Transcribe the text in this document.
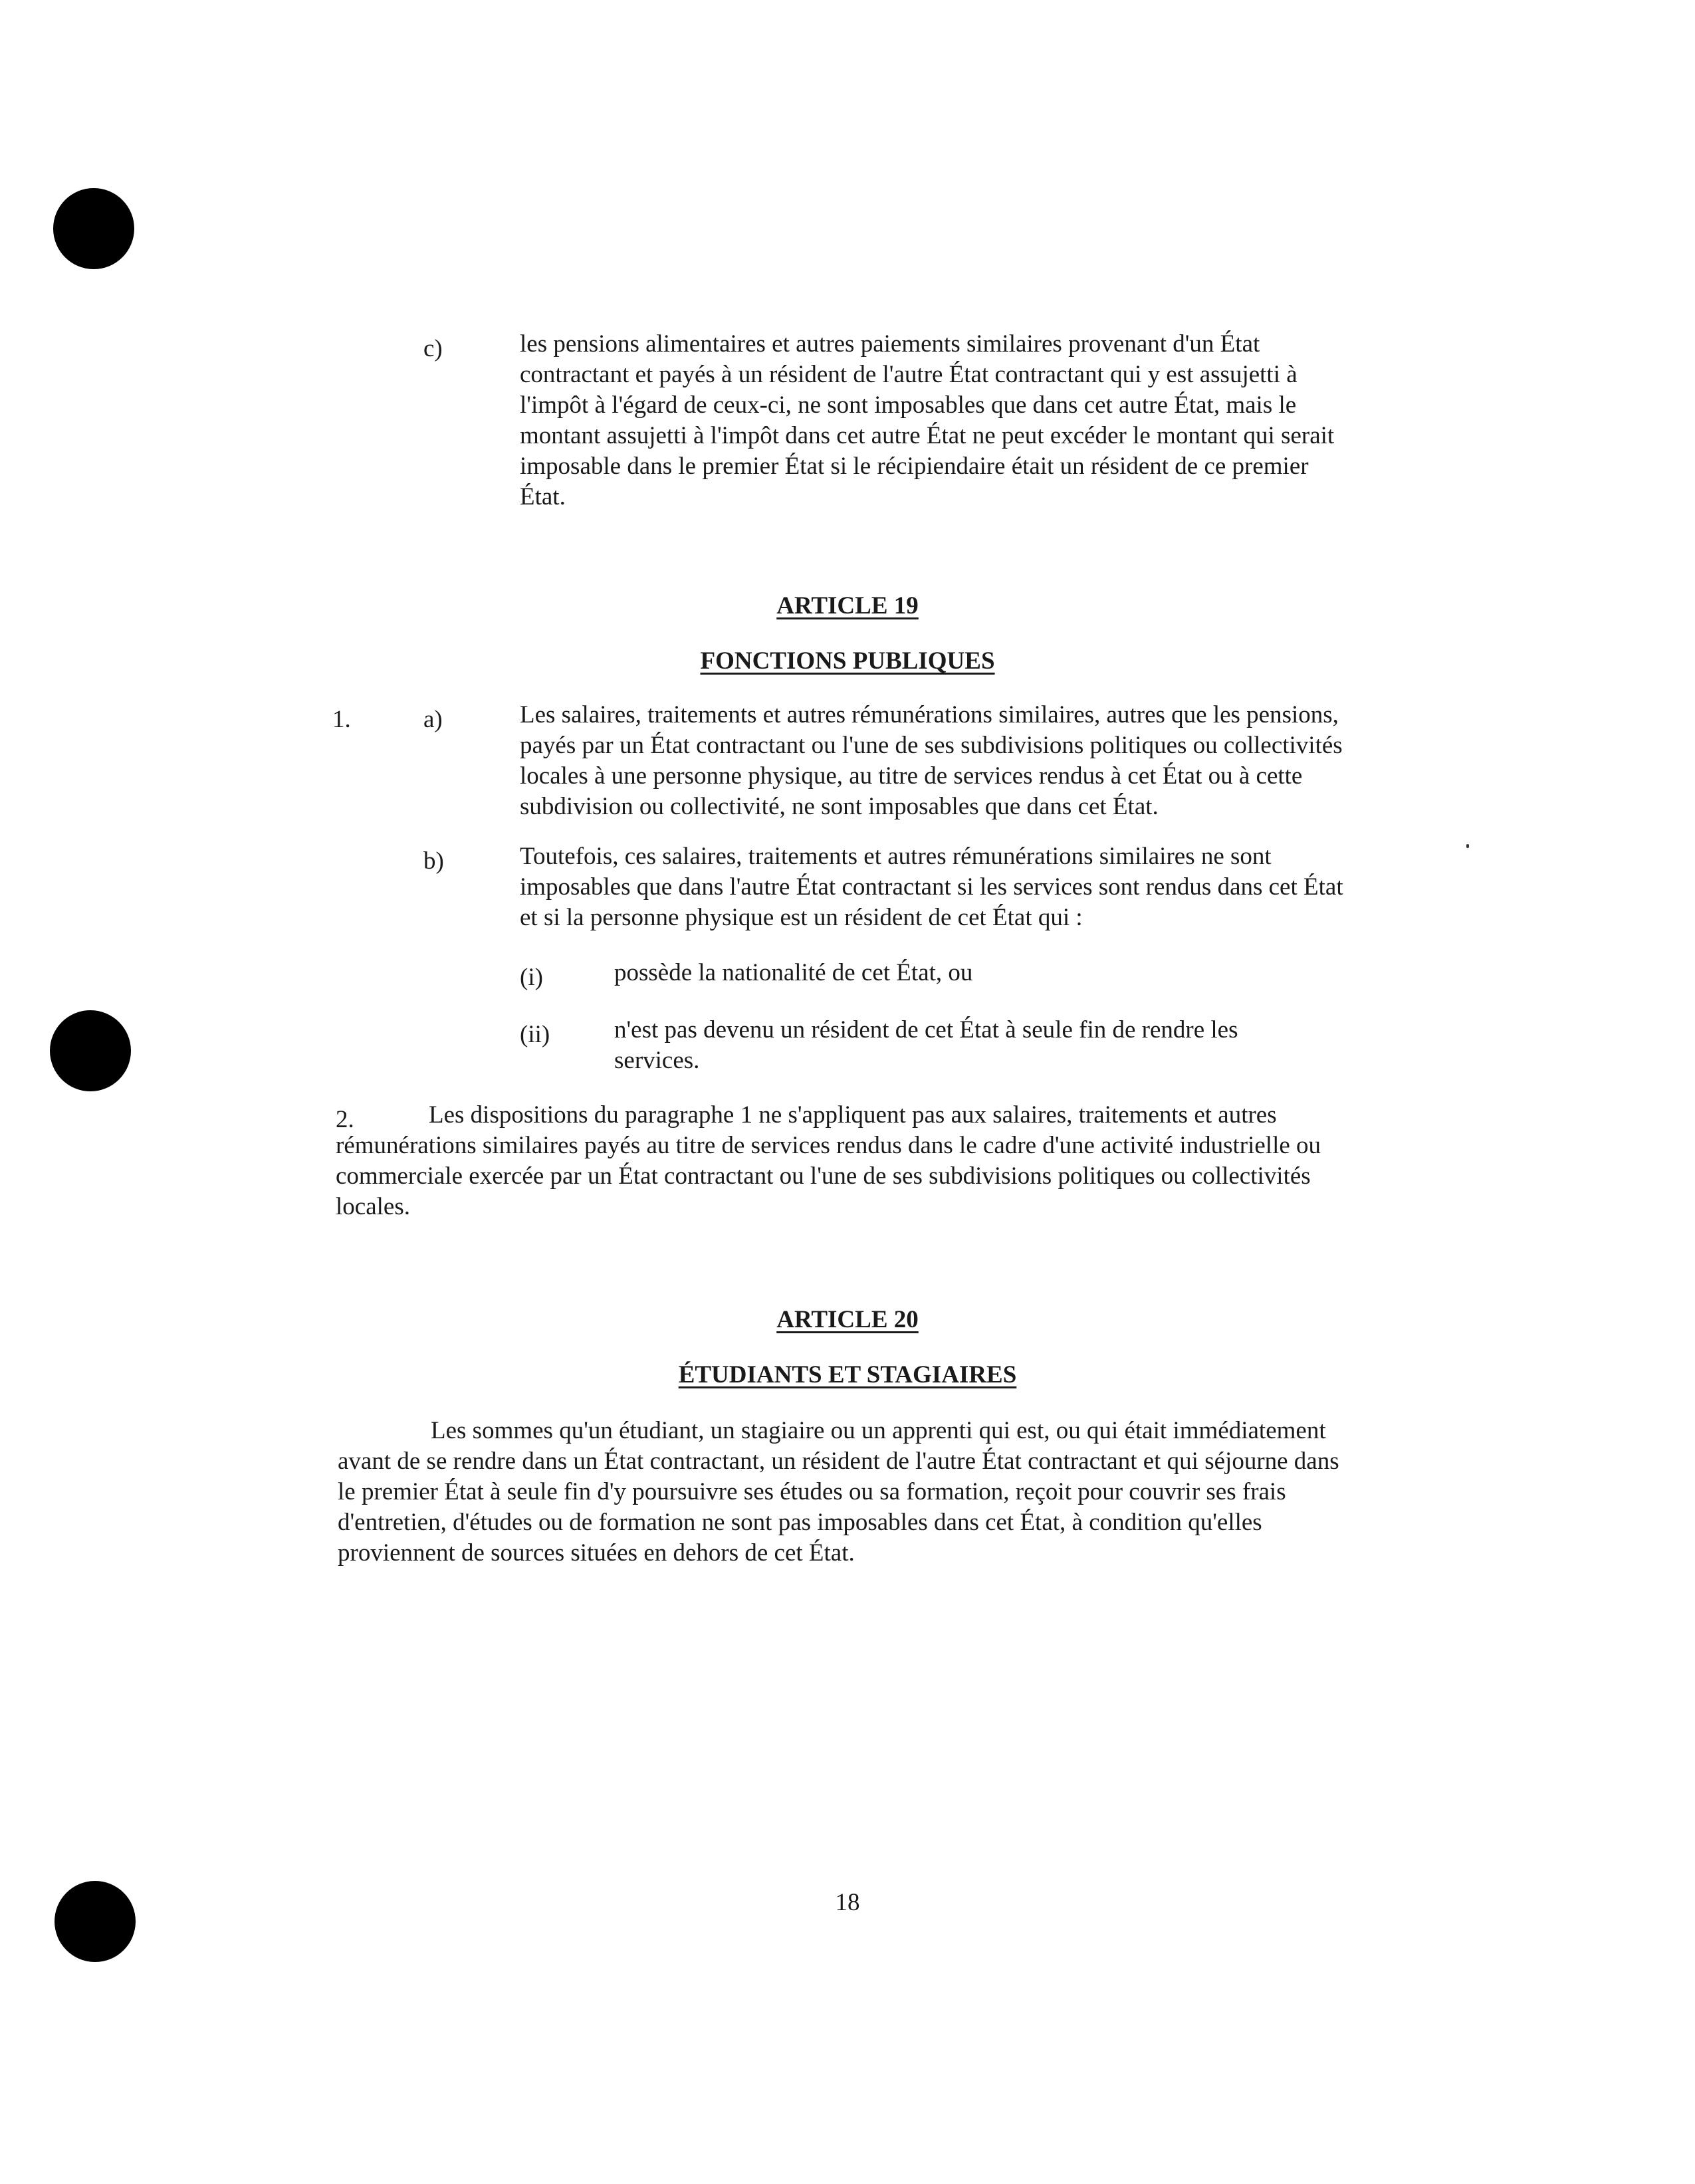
c)	les pensions alimentaires et autres paiements similaires provenant d'un État contractant et payés à un résident de l'autre État contractant qui y est assujetti à l'impôt à l'égard de ceux-ci, ne sont imposables que dans cet autre État, mais le montant assujetti à l'impôt dans cet autre État ne peut excéder le montant qui serait imposable dans le premier État si le récipiendaire était un résident de ce premier État.
ARTICLE 19
FONCTIONS PUBLIQUES
1.	a)	Les salaires, traitements et autres rémunérations similaires, autres que les pensions, payés par un État contractant ou l'une de ses subdivisions politiques ou collectivités locales à une personne physique, au titre de services rendus à cet État ou à cette subdivision ou collectivité, ne sont imposables que dans cet État.
b)	Toutefois, ces salaires, traitements et autres rémunérations similaires ne sont imposables que dans l'autre État contractant si les services sont rendus dans cet État et si la personne physique est un résident de cet État qui :
(i)	possède la nationalité de cet État, ou
(ii)	n'est pas devenu un résident de cet État à seule fin de rendre les services.
2.	Les dispositions du paragraphe 1 ne s'appliquent pas aux salaires, traitements et autres rémunérations similaires payés au titre de services rendus dans le cadre d'une activité industrielle ou commerciale exercée par un État contractant ou l'une de ses subdivisions politiques ou collectivités locales.
ARTICLE 20
ÉTUDIANTS ET STAGIAIRES
Les sommes qu'un étudiant, un stagiaire ou un apprenti qui est, ou qui était immédiatement avant de se rendre dans un État contractant, un résident de l'autre État contractant et qui séjourne dans le premier État à seule fin d'y poursuivre ses études ou sa formation, reçoit pour couvrir ses frais d'entretien, d'études ou de formation ne sont pas imposables dans cet État, à condition qu'elles proviennent de sources situées en dehors de cet État.
18
